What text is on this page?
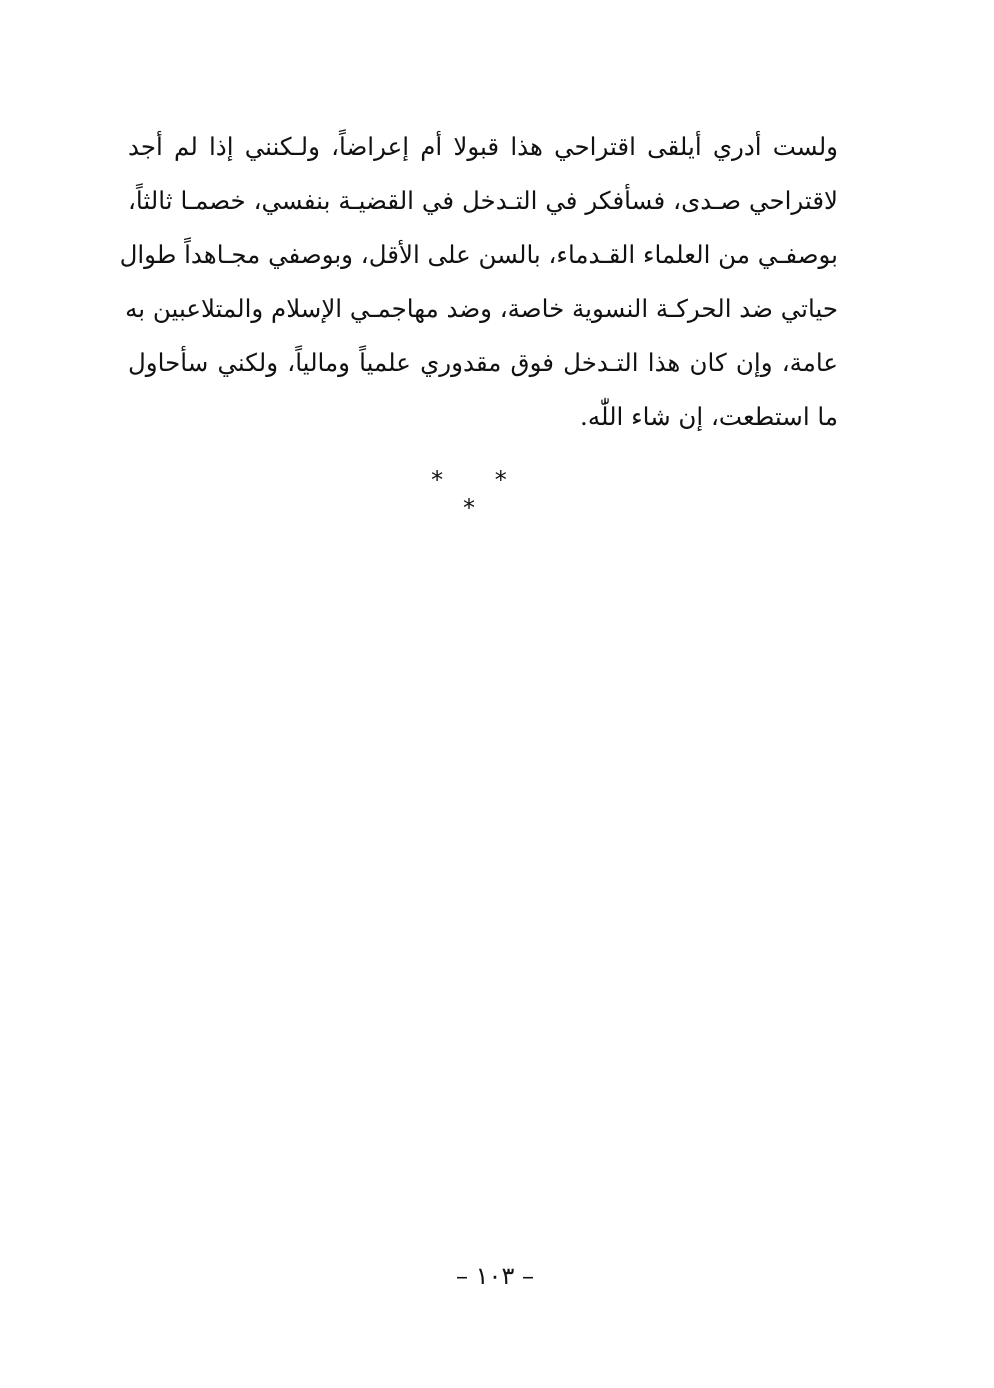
ولست أدري أيلقى اقتراحي هذا قبولا أم إعراضاً، ولـكنني إذا لم أجد
لاقتراحي صـدى، فسأفكر في التـدخل في القضيـة بنفسي، خصمـا ثالثاً،
بوصفـي من العلماء القـدماء، بالسن على الأقل، وبوصفي مجـاهداً طوال
حياتي ضد الحركـة النسوية خاصة، وضد مهاجمـي الإسلام والمتلاعبين به
عامة، وإن كان هذا التـدخل فوق مقدوري علمياً ومالياً، ولكني سأحاول
ما استطعت، إن شاء اللّٰه.
* * *
– ١٠٣ –
